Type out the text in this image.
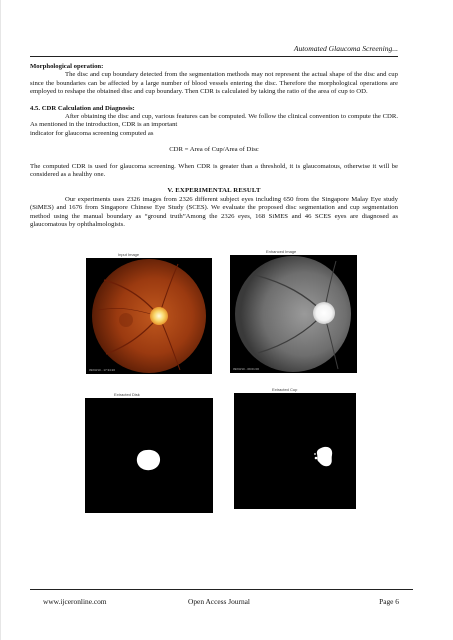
Automated Glaucoma Screening...

Morphological operation:

The disc and cup boundary detected from the segmentation methods may not represent the actual shape of the disc and cup since the boundaries can be affected by a large number of blood vessels entering the disc. Therefore the morphological operations are employed to reshape the obtained disc and cup boundary. Then CDR is calculated by taking the ratio of the area of cup to OD.

4.5. CDR Calculation and Diagnosis:

After obtaining the disc and cup, various features can be computed. We follow the clinical convention to compute the CDR. As mentioned in the introduction, CDR is an important

indicator for glaucoma screening computed as

CDR = Area of Cup/Area of Disc

The computed CDR is used for glaucoma screening. When CDR is greater than a threshold, it is glaucomatous, otherwise it will be considered as a healthy one.

V. EXPERIMENTAL RESULT

Our experiments uses 2326 images from 2326 different subject eyes including 650 from the Singapore Malay Eye study (SiMES) and 1676 from Singapore Chinese Eye Study (SCES). We evaluate the proposed disc segmentation and cup segmentation method using the manual boundary as “ground truth”Among the 2326 eyes, 168 SiMES and 46 SCES eyes are diagnosed as glaucomatous by ophthalmologists.

Input Image
09/03/10 - 17:34:20
Enhanced Image
09/03/10 - 09:01:00
Extracted Disk
Extracted Cup
www.ijceronline.com	Open Access Journal	Page 6
